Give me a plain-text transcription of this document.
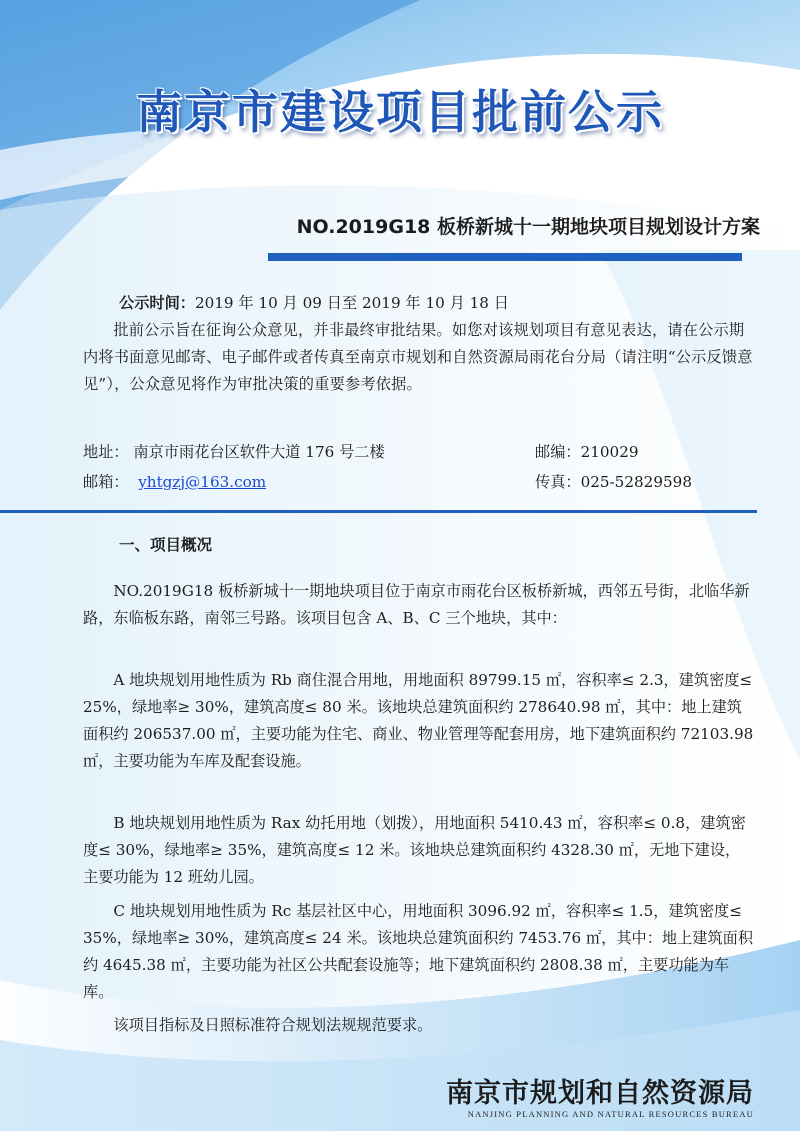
南京市建设项目批前公示
NO.2019G18 板桥新城十一期地块项目规划设计方案
公示时间：2019 年 10 月 09 日至 2019 年 10 月 18 日
批前公示旨在征询公众意见，并非最终审批结果。如您对该规划项目有意见表达，请在公示期内将书面意见邮寄、电子邮件或者传真至南京市规划和自然资源局雨花台分局（请注明“公示反馈意见”），公众意见将作为审批决策的重要参考依据。
地址： 南京市雨花台区软件大道 176 号二楼	邮编：210029
邮箱： yhtgzj@163.com	传真：025-52829598
一、项目概况
NO.2019G18 板桥新城十一期地块项目位于南京市雨花台区板桥新城，西邻五号街，北临华新路，东临板东路，南邻三号路。该项目包含 A、B、C 三个地块，其中：
A 地块规划用地性质为 Rb 商住混合用地，用地面积 89799.15 ㎡，容积率≤ 2.3，建筑密度≤ 25%，绿地率≥ 30%，建筑高度≤ 80 米。该地块总建筑面积约 278640.98 ㎡，其中：地上建筑面积约 206537.00 ㎡，主要功能为住宅、商业、物业管理等配套用房，地下建筑面积约 72103.98 ㎡，主要功能为车库及配套设施。
B 地块规划用地性质为 Rax 幼托用地（划拨），用地面积 5410.43 ㎡，容积率≤ 0.8，建筑密度≤ 30%，绿地率≥ 35%，建筑高度≤ 12 米。该地块总建筑面积约 4328.30 ㎡，无地下建设，主要功能为 12 班幼儿园。
C 地块规划用地性质为 Rc 基层社区中心，用地面积 3096.92 ㎡，容积率≤ 1.5，建筑密度≤ 35%，绿地率≥ 30%，建筑高度≤ 24 米。该地块总建筑面积约 7453.76 ㎡，其中：地上建筑面积约 4645.38 ㎡，主要功能为社区公共配套设施等；地下建筑面积约 2808.38 ㎡，主要功能为车库。
该项目指标及日照标准符合规划法规规范要求。
南京市规划和自然资源局
NANJING PLANNING AND NATURAL RESOURCES BUREAU
